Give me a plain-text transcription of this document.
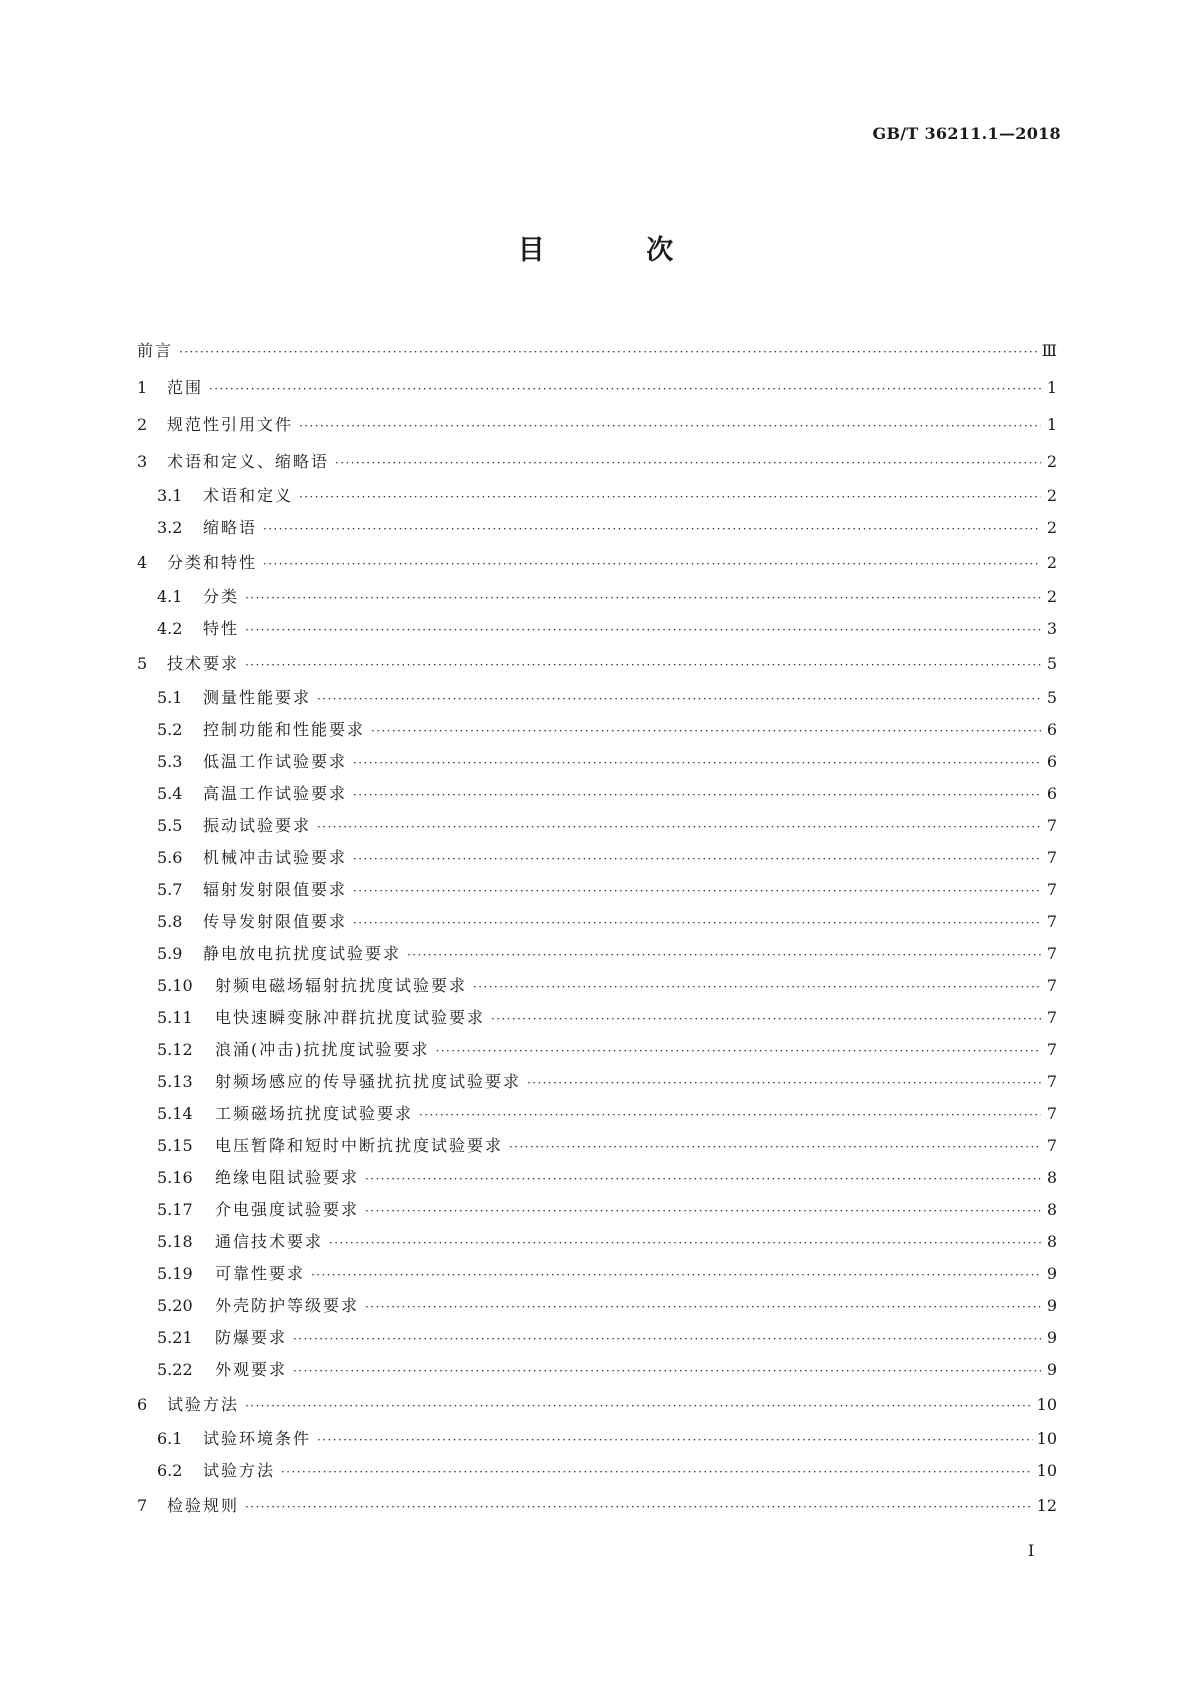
GB/T 36211.1—2018
目 次
前言 ·····	Ⅲ
1	范围 ·····	1
2	规范性引用文件 ·····	1
3	术语和定义、缩略语 ·····	2
3.1	术语和定义 ·····	2
3.2	缩略语 ·····	2
4	分类和特性 ·····	2
4.1	分类 ·····	2
4.2	特性 ·····	3
5	技术要求 ·····	5
5.1	测量性能要求 ·····	5
5.2	控制功能和性能要求 ·····	6
5.3	低温工作试验要求 ·····	6
5.4	高温工作试验要求 ·····	6
5.5	振动试验要求 ·····	7
5.6	机械冲击试验要求 ·····	7
5.7	辐射发射限值要求 ·····	7
5.8	传导发射限值要求 ·····	7
5.9	静电放电抗扰度试验要求 ·····	7
5.10	射频电磁场辐射抗扰度试验要求 ·····	7
5.11	电快速瞬变脉冲群抗扰度试验要求 ·····	7
5.12	浪涌(冲击)抗扰度试验要求 ·····	7
5.13	射频场感应的传导骚扰抗扰度试验要求 ·····	7
5.14	工频磁场抗扰度试验要求 ·····	7
5.15	电压暂降和短时中断抗扰度试验要求 ·····	7
5.16	绝缘电阻试验要求 ·····	8
5.17	介电强度试验要求 ·····	8
5.18	通信技术要求 ·····	8
5.19	可靠性要求 ·····	9
5.20	外壳防护等级要求 ·····	9
5.21	防爆要求 ·····	9
5.22	外观要求 ·····	9
6	试验方法 ·····	10
6.1	试验环境条件 ·····	10
6.2	试验方法 ·····	10
7	检验规则 ·····	12
I
